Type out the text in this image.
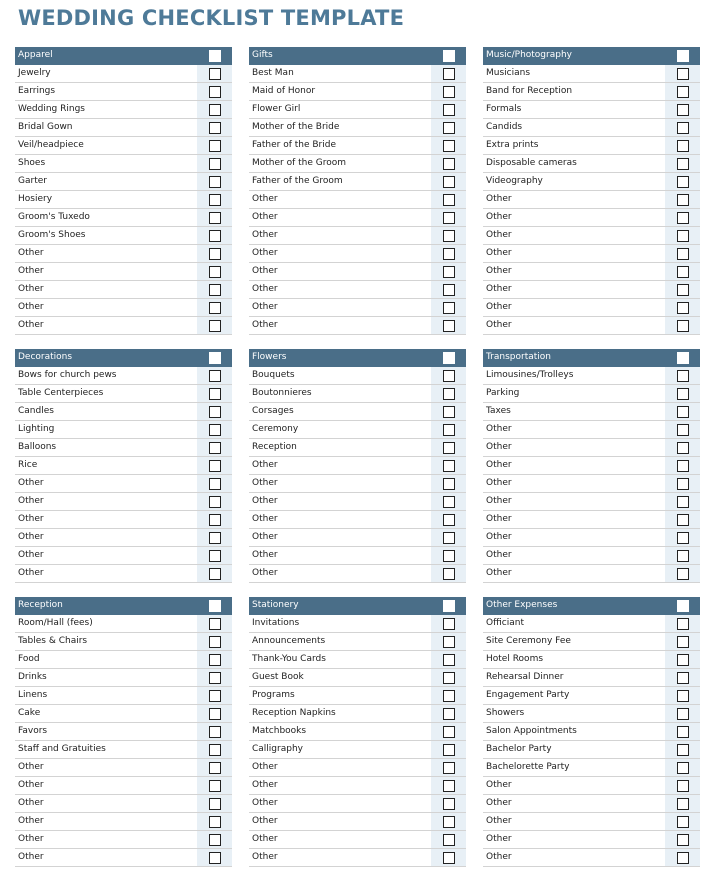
WEDDING CHECKLIST TEMPLATE
Apparel
Jewelry
Earrings
Wedding Rings
Bridal Gown
Veil/headpiece
Shoes
Garter
Hosiery
Groom's Tuxedo
Groom's Shoes
Other
Other
Other
Other
Other
Gifts
Best Man
Maid of Honor
Flower Girl
Mother of the Bride
Father of the Bride
Mother of the Groom
Father of the Groom
Other
Other
Other
Other
Other
Other
Other
Other
Music/Photography
Musicians
Band for Reception
Formals
Candids
Extra prints
Disposable cameras
Videography
Other
Other
Other
Other
Other
Other
Other
Other
Decorations
Bows for church pews
Table Centerpieces
Candles
Lighting
Balloons
Rice
Other
Other
Other
Other
Other
Other
Flowers
Bouquets
Boutonnieres
Corsages
Ceremony
Reception
Other
Other
Other
Other
Other
Other
Other
Transportation
Limousines/Trolleys
Parking
Taxes
Other
Other
Other
Other
Other
Other
Other
Other
Other
Reception
Room/Hall (fees)
Tables & Chairs
Food
Drinks
Linens
Cake
Favors
Staff and Gratuities
Other
Other
Other
Other
Other
Other
Stationery
Invitations
Announcements
Thank-You Cards
Guest Book
Programs
Reception Napkins
Matchbooks
Calligraphy
Other
Other
Other
Other
Other
Other
Other Expenses
Officiant
Site Ceremony Fee
Hotel Rooms
Rehearsal Dinner
Engagement Party
Showers
Salon Appointments
Bachelor Party
Bachelorette Party
Other
Other
Other
Other
Other
